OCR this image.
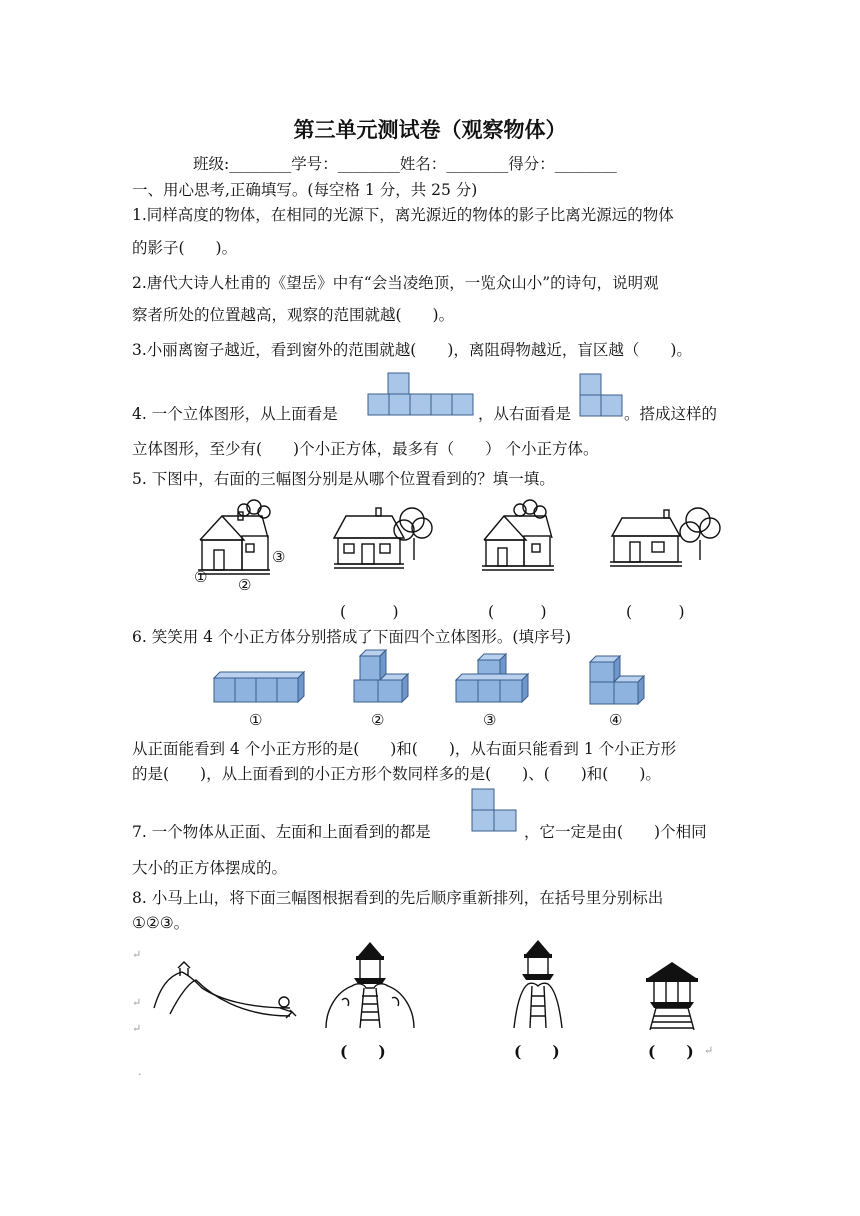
第三单元测试卷（观察物体）
班级:________学号：________姓名：________得分：________
一、用心思考,正确填写。(每空格 1 分，共 25 分)
1.同样高度的物体，在相同的光源下，离光源近的物体的影子比离光源远的物体
的影子(　　)。
2.唐代大诗人杜甫的《望岳》中有“会当凌绝顶，一览众山小”的诗句，说明观
察者所处的位置越高，观察的范围就越(　　)。
3.小丽离窗子越近，看到窗外的范围就越(　　)，离阻碍物越近，盲区越（　　)。
4. 一个立体图形，从上面看是	，从右面看是	。搭成这样的
立体图形，至少有(　　)个小正方体，最多有（　　） 个小正方体。
5. 下图中，右面的三幅图分别是从哪个位置看到的？填一填。
① ②
③
(　　　)	(　　　)	(　　　)
6. 笑笑用 4 个小正方体分别搭成了下面四个立体图形。(填序号)
①	②	③	④
从正面能看到 4 个小正方形的是(　　)和(　　)，从右面只能看到 1 个小正方形
的是(　　)，从上面看到的小正方形个数同样多的是(　　)、(　　)和(　　)。
7. 一个物体从正面、左面和上面看到的都是	，它一定是由(　　)个相同
大小的正方体摆成的。
8. 小马上山，将下面三幅图根据看到的先后顺序重新排列，在括号里分别标出
①②③。
↵
↵
↵
·
(　　)	(　　)	(　　) ↵
